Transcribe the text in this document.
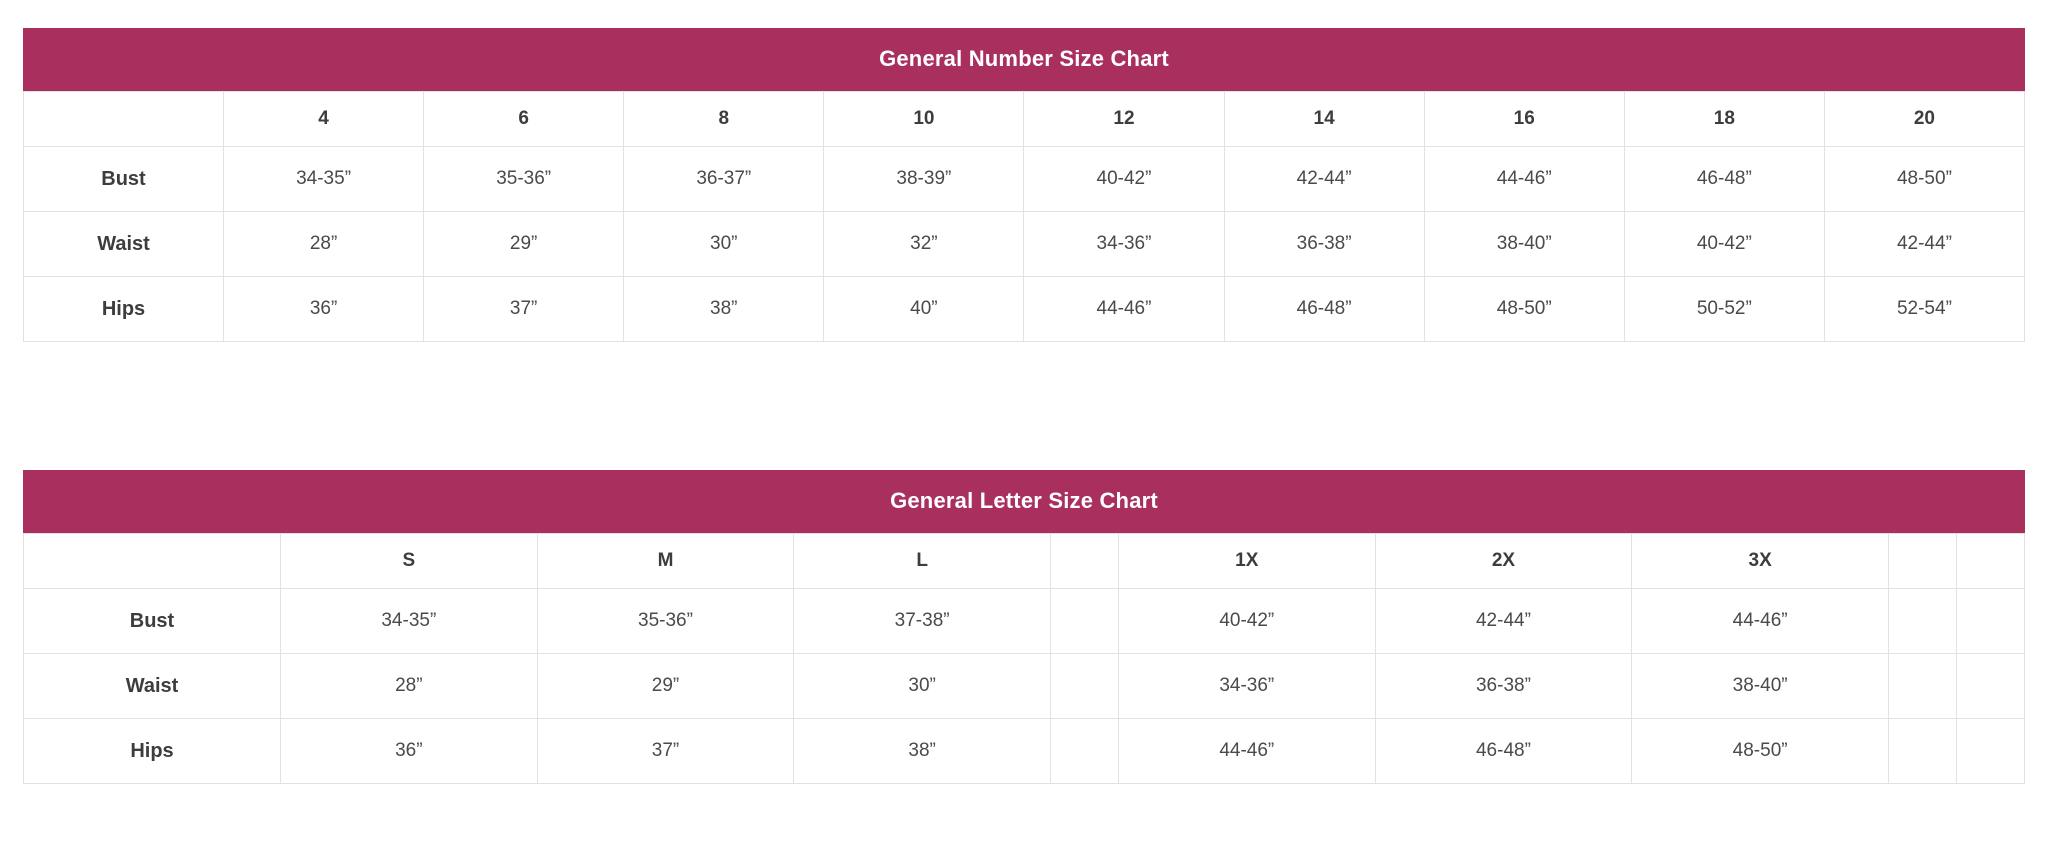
General Number Size Chart
	4	6	8	10	12	14	16	18	20
Bust	34-35”	35-36”	36-37”	38-39”	40-42”	42-44”	44-46”	46-48”	48-50”
Waist	28”	29”	30”	32”	34-36”	36-38”	38-40”	40-42”	42-44”
Hips	36”	37”	38”	40”	44-46”	46-48”	48-50”	50-52”	52-54”
General Letter Size Chart
	S	M	L		1X	2X	3X		
Bust	34-35”	35-36”	37-38”		40-42”	42-44”	44-46”		
Waist	28”	29”	30”		34-36”	36-38”	38-40”		
Hips	36”	37”	38”		44-46”	46-48”	48-50”		
